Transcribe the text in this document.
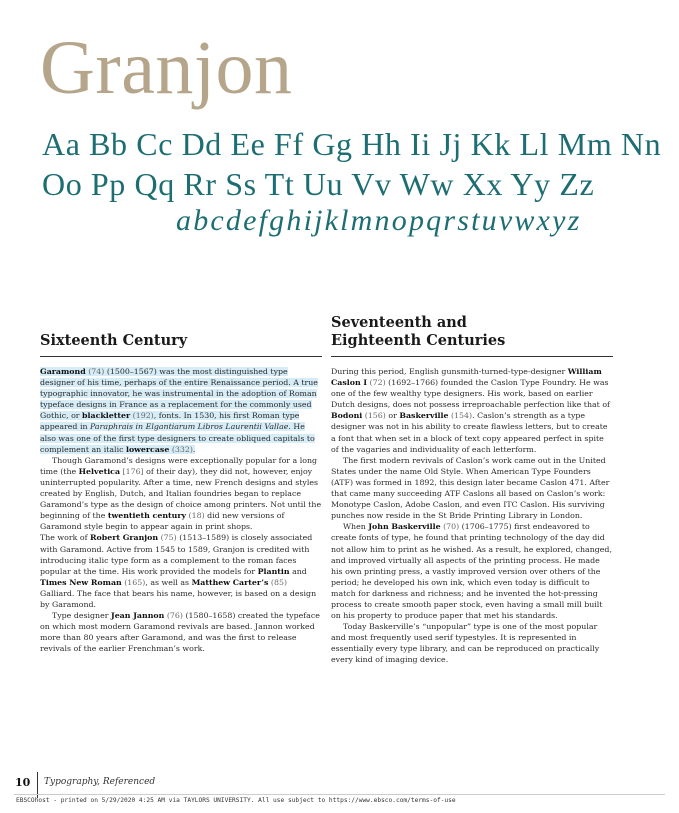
Granjon
Aa Bb Cc Dd Ee Ff Gg Hh Ii Jj Kk Ll Mm Nn
Oo Pp Qq Rr Ss Tt Uu Vv Ww Xx Yy Zz
abcdefghijklmnopqrstuvwxyz
Sixteenth Century

Garamond (74) (1500–1567) was the most distinguished type designer of his time, perhaps of the entire Renaissance period. A true typographic innovator, he was instrumental in the adoption of Roman typeface designs in France as a replacement for the commonly used Gothic, or blackletter (192), fonts. In 1530, his first Roman type appeared in Paraphrais in Elgantiarum Libros Laurentii Vallae. He also was one of the first type designers to create obliqued capitals to complement an italic lowercase (332).

Though Garamond’s designs were exceptionally popular for a long time (the Helvetica [176] of their day), they did not, however, enjoy uninterrupted popularity. After a time, new French designs and styles created by English, Dutch, and Italian foundries began to replace Garamond’s type as the design of choice among printers. Not until the beginning of the twentieth century (18) did new versions of Garamond style begin to appear again in print shops.

The work of Robert Granjon (75) (1513–1589) is closely associated with Garamond. Active from 1545 to 1589, Granjon is credited with introducing italic type form as a complement to the roman faces popular at the time. His work provided the models for Plantin and Times New Roman (165), as well as Matthew Carter’s (85) Galliard. The face that bears his name, however, is based on a design by Garamond.

Type designer Jean Jannon (76) (1580–1658) created the typeface on which most modern Garamond revivals are based. Jannon worked more than 80 years after Garamond, and was the first to release revivals of the earlier Frenchman’s work.

Seventeenth and
Eighteenth Centuries

During this period, English gunsmith-turned-type-designer William Caslon I (72) (1692–1766) founded the Caslon Type Foundry. He was one of the few wealthy type designers. His work, based on earlier Dutch designs, does not possess irreproachable perfection like that of Bodoni (156) or Baskerville (154). Caslon’s strength as a type designer was not in his ability to create flawless letters, but to create a font that when set in a block of text copy appeared perfect in spite of the vagaries and individuality of each letterform.

The first modern revivals of Caslon’s work came out in the United States under the name Old Style. When American Type Founders (ATF) was formed in 1892, this design later became Caslon 471. After that came many succeeding ATF Caslons all based on Caslon’s work: Monotype Caslon, Adobe Caslon, and even ITC Caslon. His surviving punches now reside in the St Bride Printing Library in London.

When John Baskerville (70) (1706–1775) first endeavored to create fonts of type, he found that printing technology of the day did not allow him to print as he wished. As a result, he explored, changed, and improved virtually all aspects of the printing process. He made his own printing press, a vastly improved version over others of the period; he developed his own ink, which even today is difficult to match for darkness and richness; and he invented the hot-pressing process to create smooth paper stock, even having a small mill built on his property to produce paper that met his standards.

Today Baskerville’s “unpopular” type is one of the most popular and most frequently used serif typestyles. It is represented in essentially every type library, and can be reproduced on practically every kind of imaging device.

10 Typography, Referenced
EBSCOhost - printed on 5/29/2020 4:25 AM via TAYLORS UNIVERSITY. All use subject to https://www.ebsco.com/terms-of-use
